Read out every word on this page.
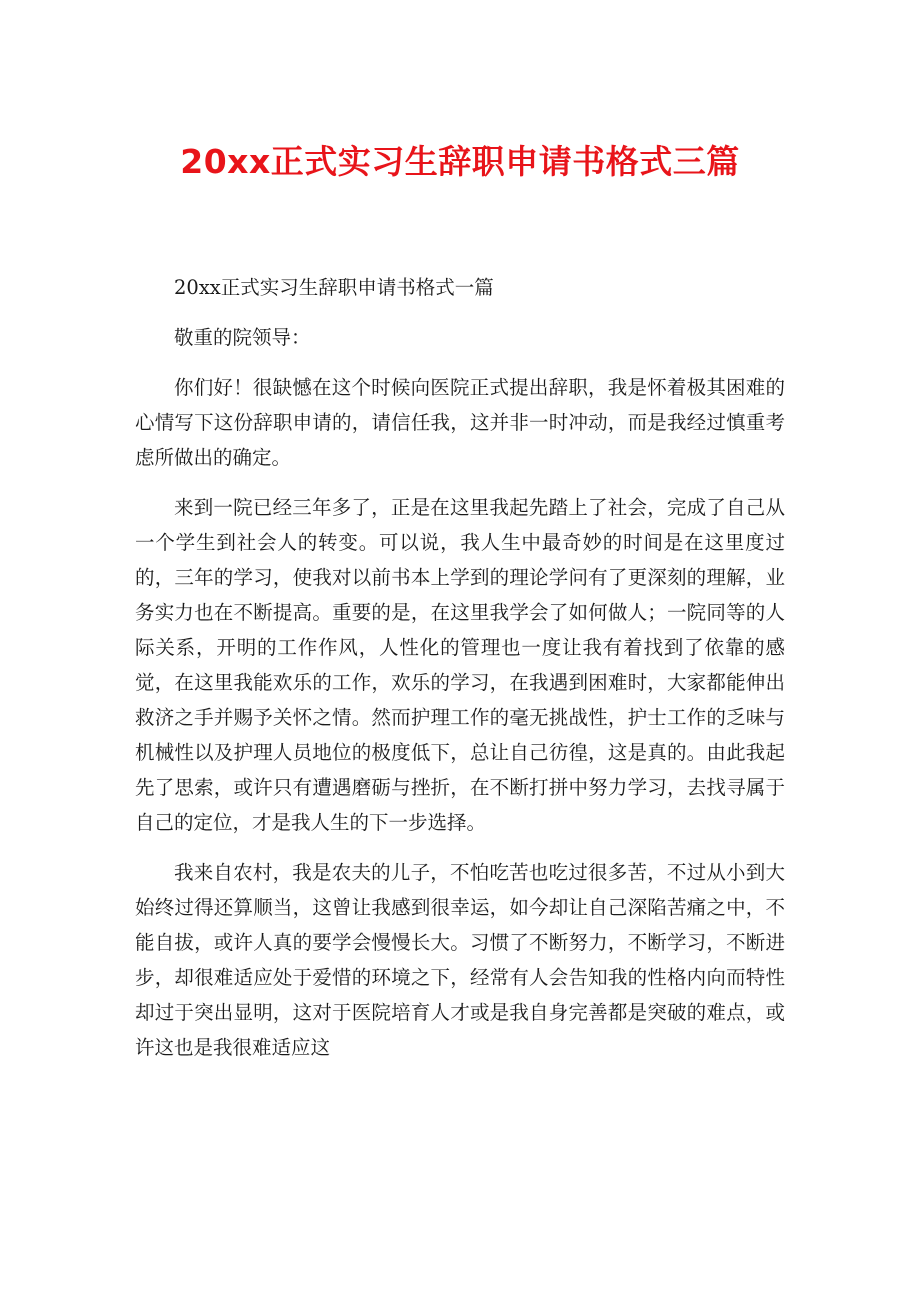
20xx正式实习生辞职申请书格式三篇

20xx正式实习生辞职申请书格式一篇

敬重的院领导：

你们好！很缺憾在这个时候向医院正式提出辞职，我是怀着极其困难的心情写下这份辞职申请的，请信任我，这并非一时冲动，而是我经过慎重考虑所做出的确定。

来到一院已经三年多了，正是在这里我起先踏上了社会，完成了自己从一个学生到社会人的转变。可以说，我人生中最奇妙的时间是在这里度过的，三年的学习，使我对以前书本上学到的理论学问有了更深刻的理解，业务实力也在不断提高。重要的是，在这里我学会了如何做人；一院同等的人际关系，开明的工作作风，人性化的管理也一度让我有着找到了依靠的感觉，在这里我能欢乐的工作，欢乐的学习，在我遇到困难时，大家都能伸出救济之手并赐予关怀之情。然而护理工作的毫无挑战性，护士工作的乏味与机械性以及护理人员地位的极度低下，总让自己彷徨，这是真的。由此我起先了思索，或许只有遭遇磨砺与挫折，在不断打拼中努力学习，去找寻属于自己的定位，才是我人生的下一步选择。

我来自农村，我是农夫的儿子，不怕吃苦也吃过很多苦，不过从小到大始终过得还算顺当，这曾让我感到很幸运，如今却让自己深陷苦痛之中，不能自拔，或许人真的要学会慢慢长大。习惯了不断努力，不断学习，不断进步，却很难适应处于爱惜的环境之下，经常有人会告知我的性格内向而特性却过于突出显明，这对于医院培育人才或是我自身完善都是突破的难点，或许这也是我很难适应这
